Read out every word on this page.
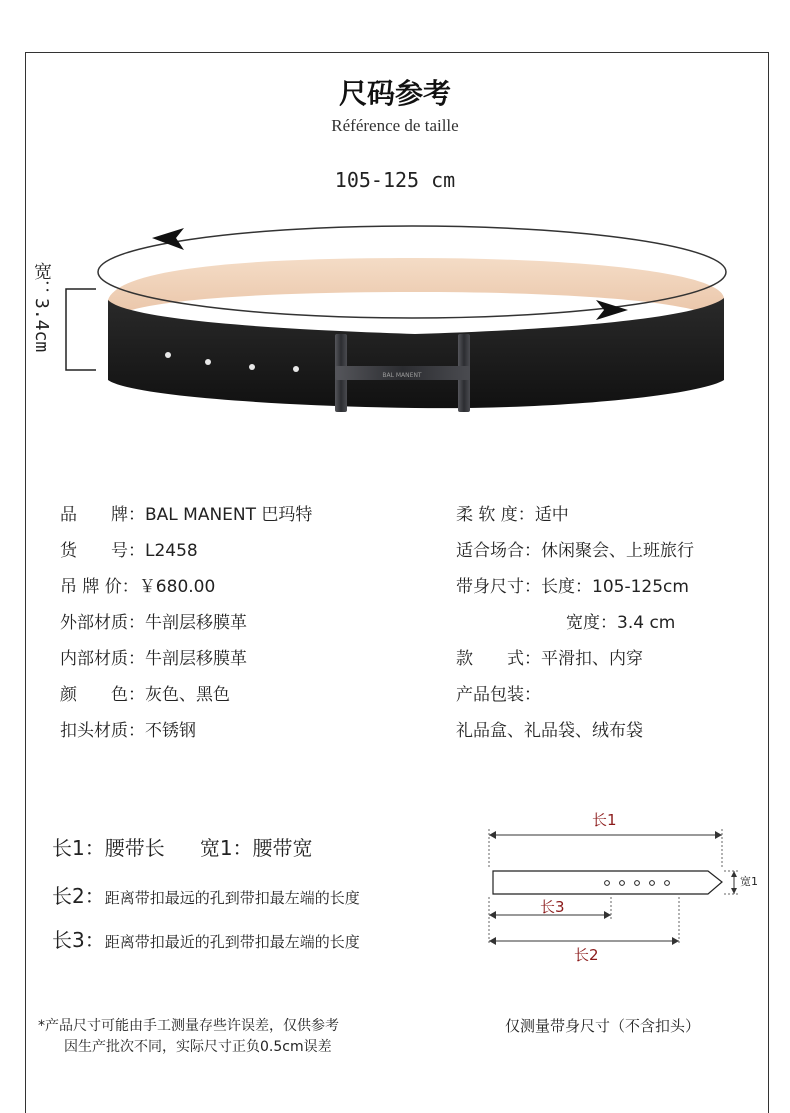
尺码参考
Référence de taille
105-125 cm
宽：3.4cm
BAL MANENT
品　　牌：BAL MANENT 巴玛特
货　　号：L2458
吊 牌 价：￥680.00
外部材质：牛剖层移膜革
内部材质：牛剖层移膜革
颜　　色：灰色、黑色
扣头材质：不锈钢
柔 软 度：适中
适合场合：休闲聚会、上班旅行
带身尺寸：长度：105-125cm
宽度：3.4 cm
款　　式：平滑扣、内穿
产品包装：
礼品盒、礼品袋、绒布袋
长1：腰带长 宽1：腰带宽
长2：距离带扣最远的孔到带扣最左端的长度
长3：距离带扣最近的孔到带扣最左端的长度
长1
宽1
长3
长2
*产品尺寸可能由手工测量存些许误差，仅供参考
因生产批次不同，实际尺寸正负0.5cm误差
仅测量带身尺寸（不含扣头）
